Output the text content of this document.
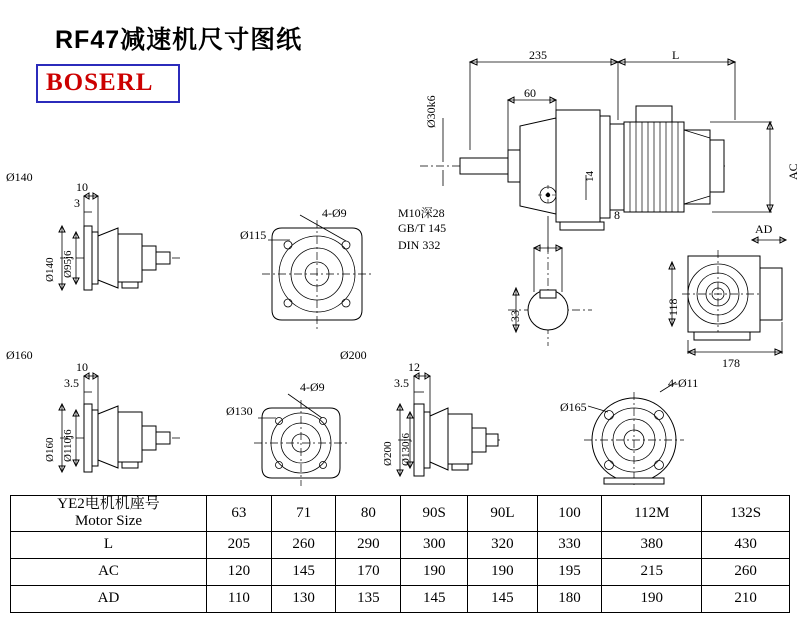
RF47减速机尺寸图纸
BOSERL
235	L
60
Ø30k6
M10深28
GB/T 145
DIN 332
14	AC
AD
8
33	118
178
Ø140
10
3
Ø140 Ø95j6
4-Ø9
Ø115
Ø160
10
3.5
Ø160 Ø110j6
4-Ø9
Ø130
Ø200
12
3.5
Ø200 Ø130j6
4-Ø11
Ø165
YE2电机机座号
Motor Size	63	71	80	90S	90L	100	112M	132S
L	205	260	290	300	320	330	380	430
AC	120	145	170	190	190	195	215	260
AD	110	130	135	145	145	180	190	210
